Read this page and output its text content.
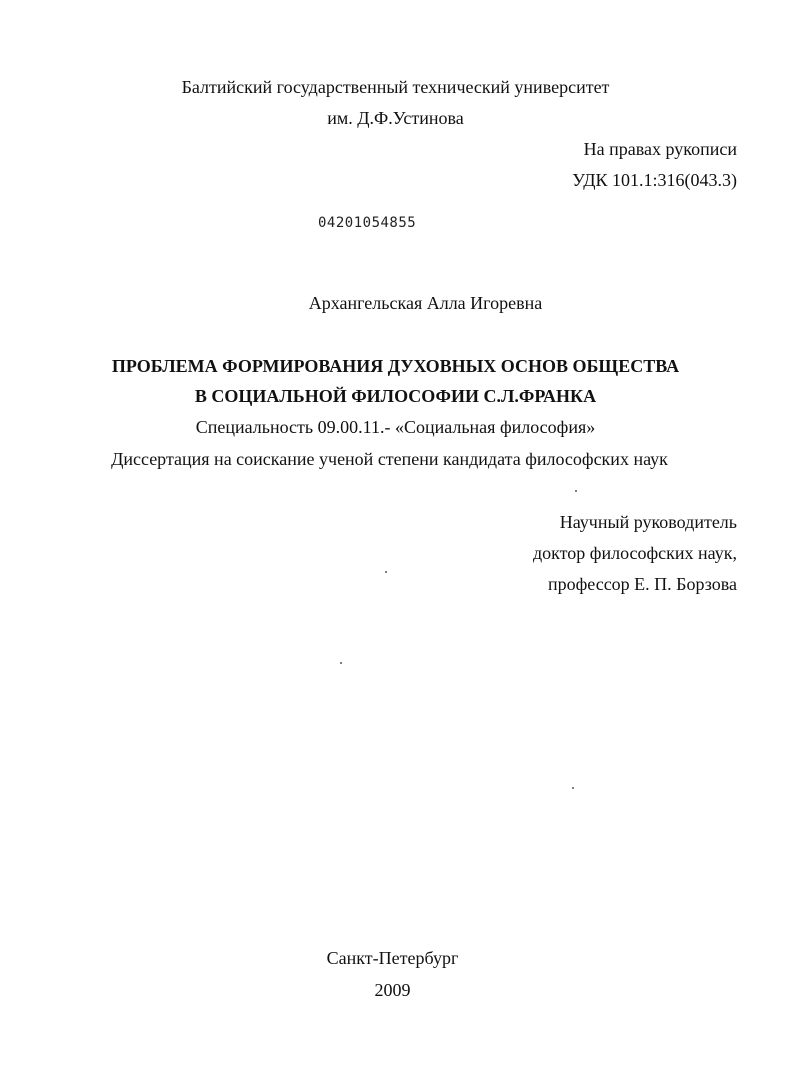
Балтийский государственный технический университет
им. Д.Ф.Устинова
На правах рукописи
УДК 101.1:316(043.3)
04201054855
Архангельская Алла Игоревна
ПРОБЛЕМА ФОРМИРОВАНИЯ ДУХОВНЫХ ОСНОВ ОБЩЕСТВА
В СОЦИАЛЬНОЙ ФИЛОСОФИИ С.Л.ФРАНКА
Специальность 09.00.11.- «Социальная философия»
Диссертация на соискание ученой степени кандидата философских наук
Научный руководитель
доктор философских наук,
профессор Е. П. Борзова
Санкт-Петербург
2009
